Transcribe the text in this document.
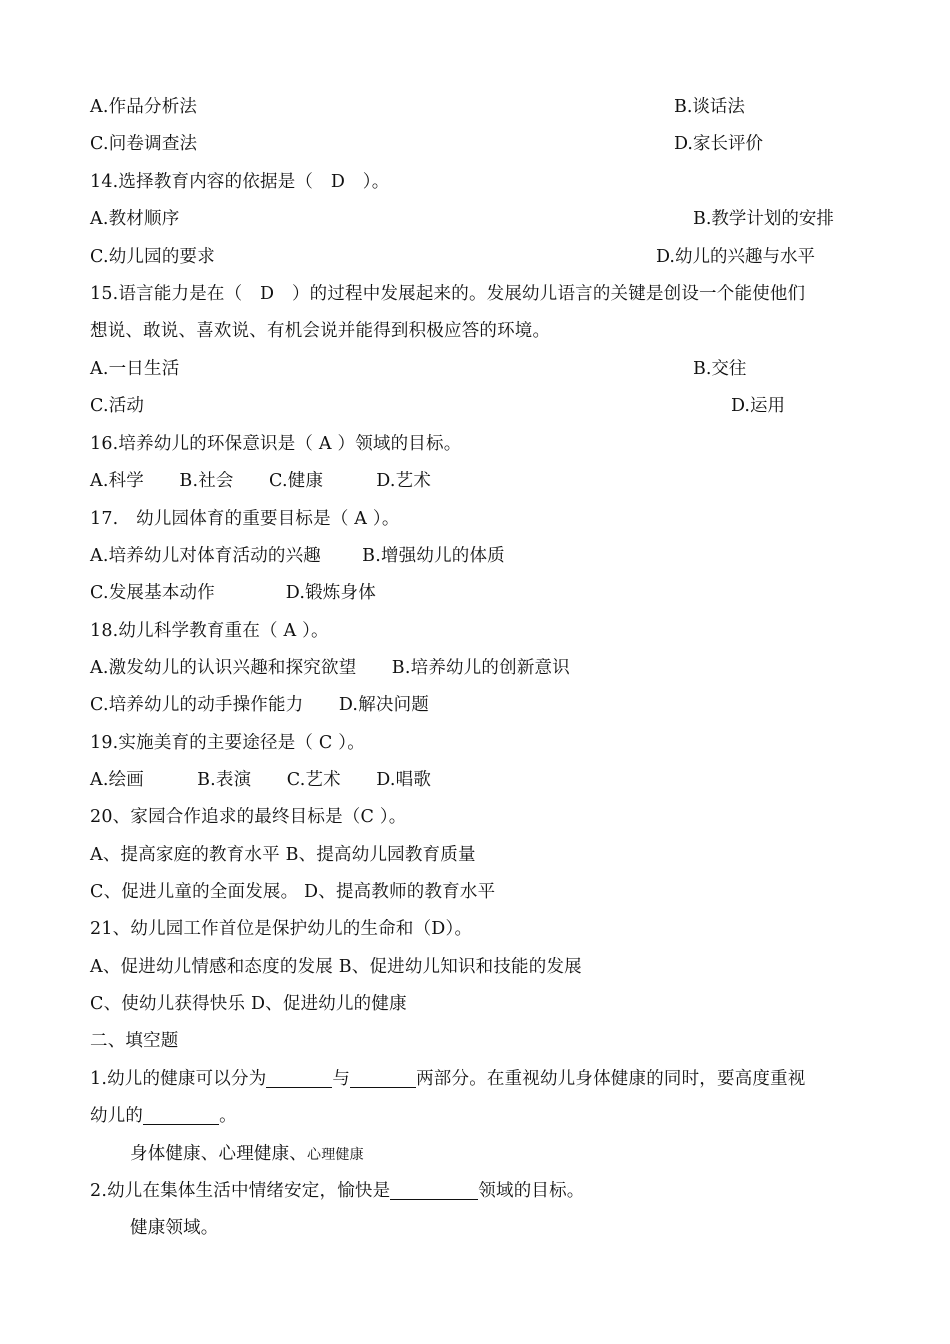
A.作品分析法	B.谈话法
C.问卷调查法	D.家长评价
14.选择教育内容的依据是（　D　）。
A.教材顺序	B.教学计划的安排
C.幼儿园的要求	D.幼儿的兴趣与水平
15.语言能力是在（　D　）的过程中发展起来的。发展幼儿语言的关键是创设一个能使他们
想说、敢说、喜欢说、有机会说并能得到积极应答的环境。
A.一日生活	B.交往
C.活动	D.运用
16.培养幼儿的环保意识是（ A ）领域的目标。
A.科学　　B.社会　　C.健康　　　D.艺术
17.　幼儿园体育的重要目标是（ A ）。
A.培养幼儿对体育活动的兴趣　　 B.增强幼儿的体质
C.发展基本动作　　　　D.锻炼身体
18.幼儿科学教育重在（ A ）。
A.激发幼儿的认识兴趣和探究欲望　　B.培养幼儿的创新意识
C.培养幼儿的动手操作能力　　D.解决问题
19.实施美育的主要途径是（ C ）。
A.绘画　　　B.表演　　C.艺术　　D.唱歌
20、家园合作追求的最终目标是（C ）。
A、提高家庭的教育水平 B、提高幼儿园教育质量
C、促进儿童的全面发展。 D、提高教师的教育水平
21、幼儿园工作首位是保护幼儿的生命和（D）。
A、促进幼儿情感和态度的发展 B、促进幼儿知识和技能的发展
C、使幼儿获得快乐 D、促进幼儿的健康
二、填空题
1.幼儿的健康可以分为	与	两部分。在重视幼儿身体健康的同时，要高度重视
幼儿的	。
身体健康、心理健康、心理健康
2.幼儿在集体生活中情绪安定，愉快是	领域的目标。
健康领域。
